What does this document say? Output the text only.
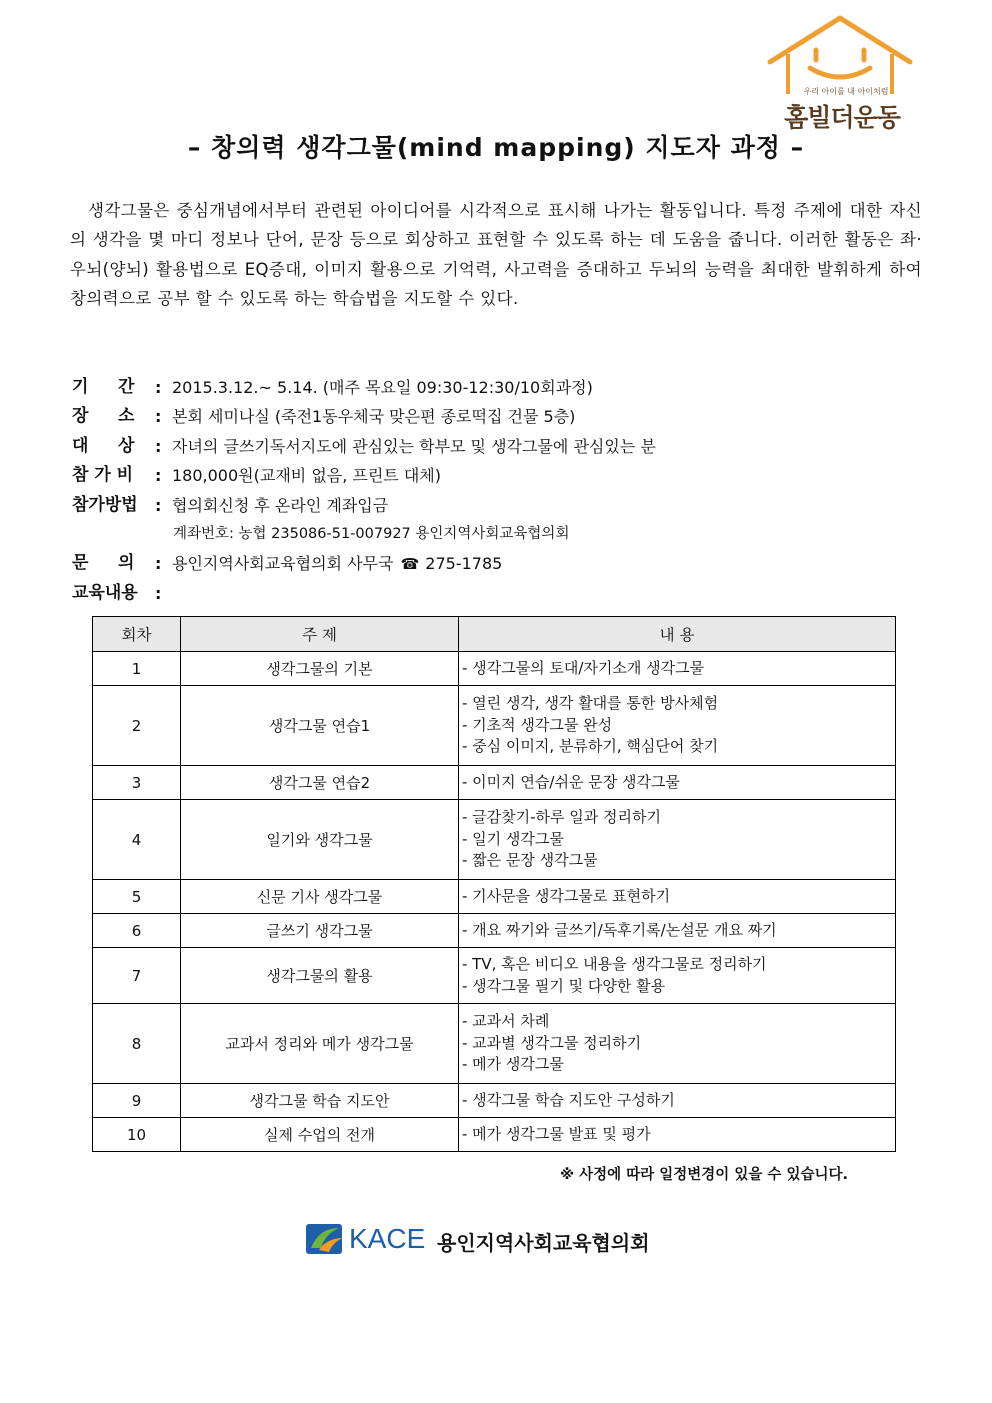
우리 아이를 내 아이처럼
홈빌더운동
– 창의력 생각그물(mind mapping) 지도자 과정 –
생각그물은 중심개념에서부터 관련된 아이디어를 시각적으로 표시해 나가는 활동입니다. 특정 주제에 대한 자신의 생각을 몇 마디 정보나 단어, 문장 등으로 회상하고 표현할 수 있도록 하는 데 도움을 줍니다. 이러한 활동은 좌·우뇌(양뇌) 활용법으로 EQ증대, 이미지 활용으로 기억력, 사고력을 증대하고 두뇌의 능력을 최대한 발휘하게 하여 창의력으로 공부 할 수 있도록 하는 학습법을 지도할 수 있다.
기     간	: 2015.3.12.~ 5.14. (매주 목요일 09:30-12:30/10회과정)
장     소	: 본회 세미나실 (죽전1동우체국 맞은편 종로떡집 건물 5층)
대     상	: 자녀의 글쓰기독서지도에 관심있는 학부모 및 생각그물에 관심있는 분
참 가 비	: 180,000원(교재비 없음, 프린트 대체)
참가방법	: 협의회신청 후 온라인 계좌입금
계좌번호: 농협 235086-51-007927 용인지역사회교육협의회
문     의	: 용인지역사회교육협의회 사무국 ☎ 275-1785
교육내용	:
회차	주 제	내 용
1	생각그물의 기본	- 생각그물의 토대/자기소개 생각그물

2	생각그물 연습1	- 열린 생각, 생각 활대를 통한 방사체험
- 기초적 생각그물 완성
- 중심 이미지, 분류하기, 핵심단어 찾기

3	생각그물 연습2	- 이미지 연습/쉬운 문장 생각그물

4	일기와 생각그물	- 글감찾기-하루 일과 정리하기
- 일기 생각그물
- 짧은 문장 생각그물

5	신문 기사 생각그물	- 기사문을 생각그물로 표현하기

6	글쓰기 생각그물	- 개요 짜기와 글쓰기/독후기록/논설문 개요 짜기

7	생각그물의 활용	- TV, 혹은 비디오 내용을 생각그물로 정리하기
- 생각그물 필기 및 다양한 활용

8	교과서 정리와 메가 생각그물	- 교과서 차례
- 교과별 생각그물 정리하기
- 메가 생각그물

9	생각그물 학습 지도안	- 생각그물 학습 지도안 구성하기

10	실제 수업의 전개	- 메가 생각그물 발표 및 평가
※ 사정에 따라 일정변경이 있을 수 있습니다.
KACE 용인지역사회교육협의회
